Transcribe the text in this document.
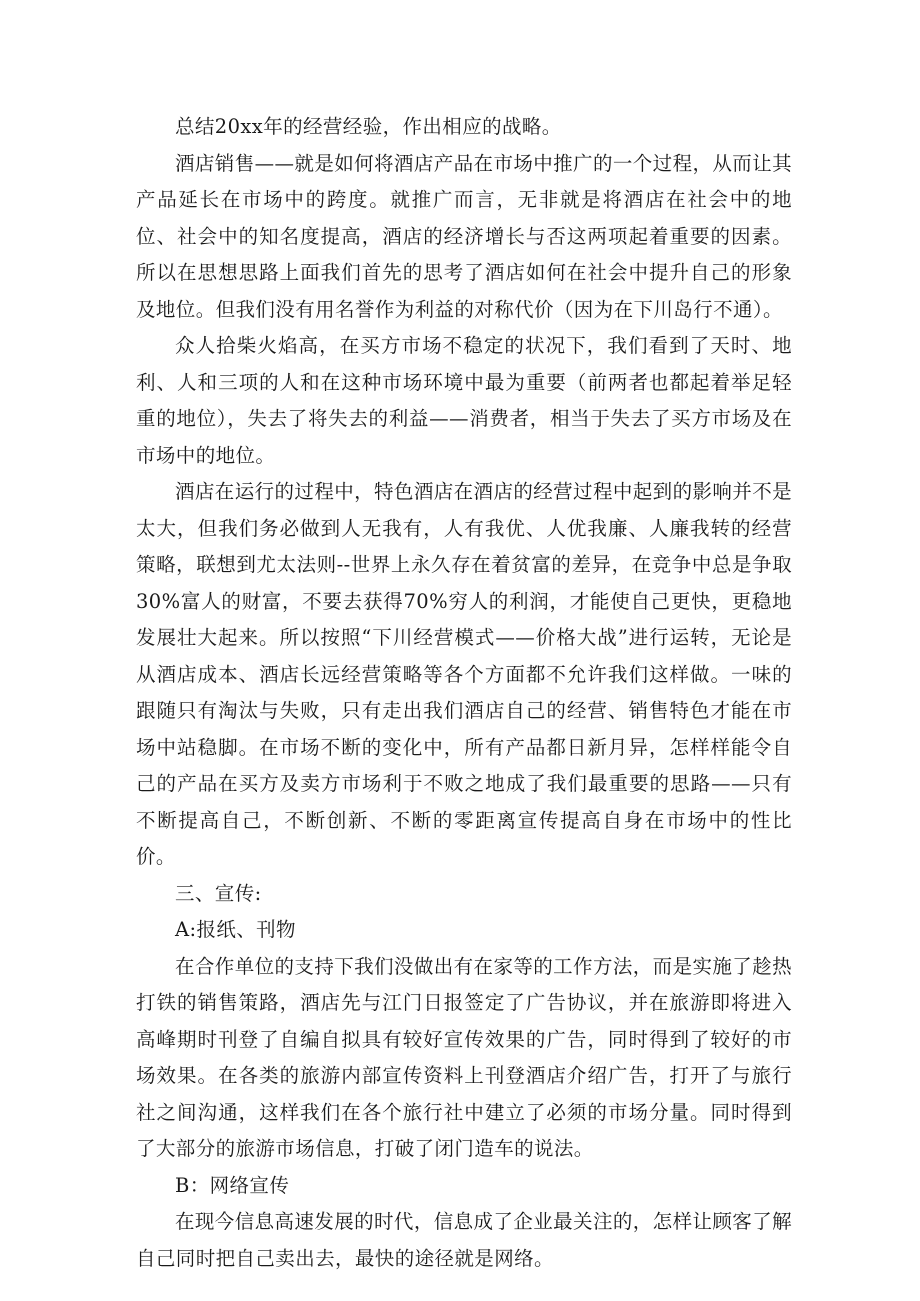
总结20xx年的经营经验，作出相应的战略。

酒店销售——就是如何将酒店产品在市场中推广的一个过程，从而让其产品延长在市场中的跨度。就推广而言，无非就是将酒店在社会中的地位、社会中的知名度提高，酒店的经济增长与否这两项起着重要的因素。所以在思想思路上面我们首先的思考了酒店如何在社会中提升自己的形象及地位。但我们没有用名誉作为利益的对称代价（因为在下川岛行不通）。

众人拾柴火焰高，在买方市场不稳定的状况下，我们看到了天时、地利、人和三项的人和在这种市场环境中最为重要（前两者也都起着举足轻重的地位），失去了将失去的利益——消费者，相当于失去了买方市场及在市场中的地位。

酒店在运行的过程中，特色酒店在酒店的经营过程中起到的影响并不是太大，但我们务必做到人无我有，人有我优、人优我廉、人廉我转的经营策略，联想到尤太法则--世界上永久存在着贫富的差异，在竞争中总是争取30%富人的财富，不要去获得70%穷人的利润，才能使自己更快，更稳地发展壮大起来。所以按照“下川经营模式——价格大战”进行运转，无论是从酒店成本、酒店长远经营策略等各个方面都不允许我们这样做。一味的跟随只有淘汰与失败，只有走出我们酒店自己的经营、销售特色才能在市场中站稳脚。在市场不断的变化中，所有产品都日新月异，怎样样能令自己的产品在买方及卖方市场利于不败之地成了我们最重要的思路——只有不断提高自己，不断创新、不断的零距离宣传提高自身在市场中的性比价。

三、宣传:

A:报纸、刊物

在合作单位的支持下我们没做出有在家等的工作方法，而是实施了趁热打铁的销售策路，酒店先与江门日报签定了广告协议，并在旅游即将进入高峰期时刊登了自编自拟具有较好宣传效果的广告，同时得到了较好的市场效果。在各类的旅游内部宣传资料上刊登酒店介绍广告，打开了与旅行社之间沟通，这样我们在各个旅行社中建立了必须的市场分量。同时得到了大部分的旅游市场信息，打破了闭门造车的说法。

B：网络宣传

在现今信息高速发展的时代，信息成了企业最关注的，怎样让顾客了解自己同时把自己卖出去，最快的途径就是网络。
